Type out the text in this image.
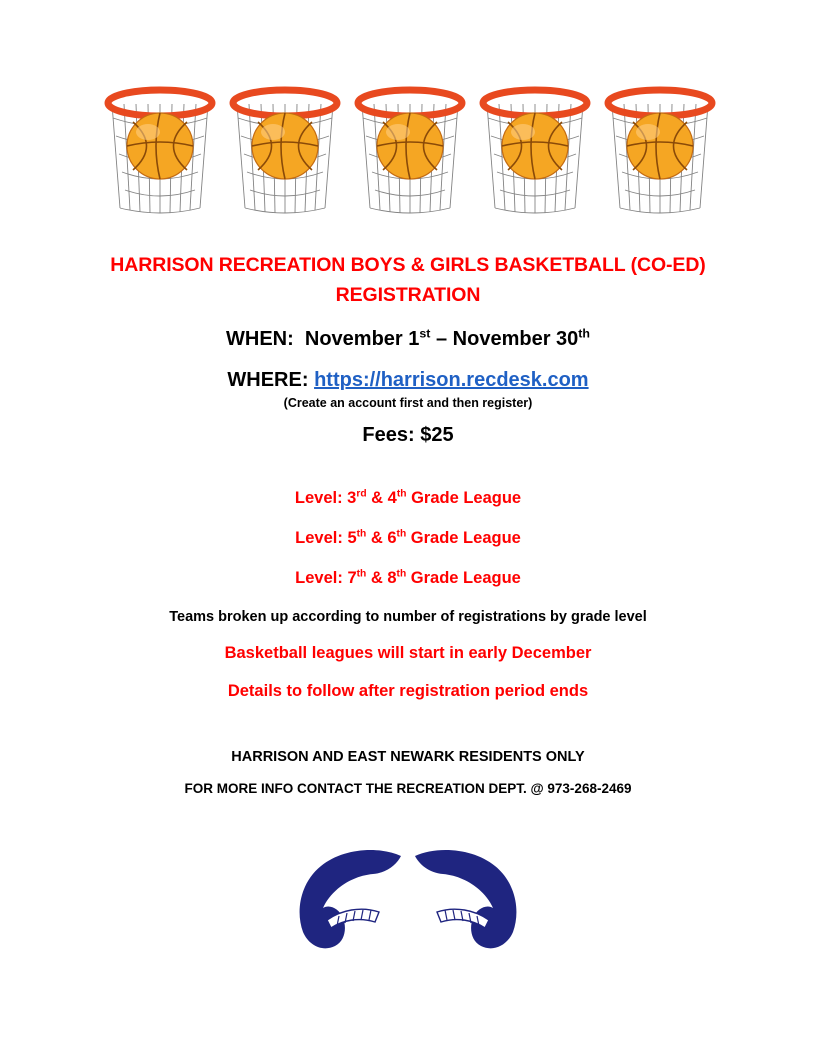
HARRISON RECREATION BOYS & GIRLS BASKETBALL (CO-ED)
REGISTRATION
WHEN: November 1st – November 30th
WHERE: https://harrison.recdesk.com
(Create an account first and then register)
Fees: $25
Level: 3rd & 4th Grade League
Level: 5th & 6th Grade League
Level: 7th & 8th Grade League
Teams broken up according to number of registrations by grade level
Basketball leagues will start in early December
Details to follow after registration period ends
HARRISON AND EAST NEWARK RESIDENTS ONLY
FOR MORE INFO CONTACT THE RECREATION DEPT. @ 973-268-2469
